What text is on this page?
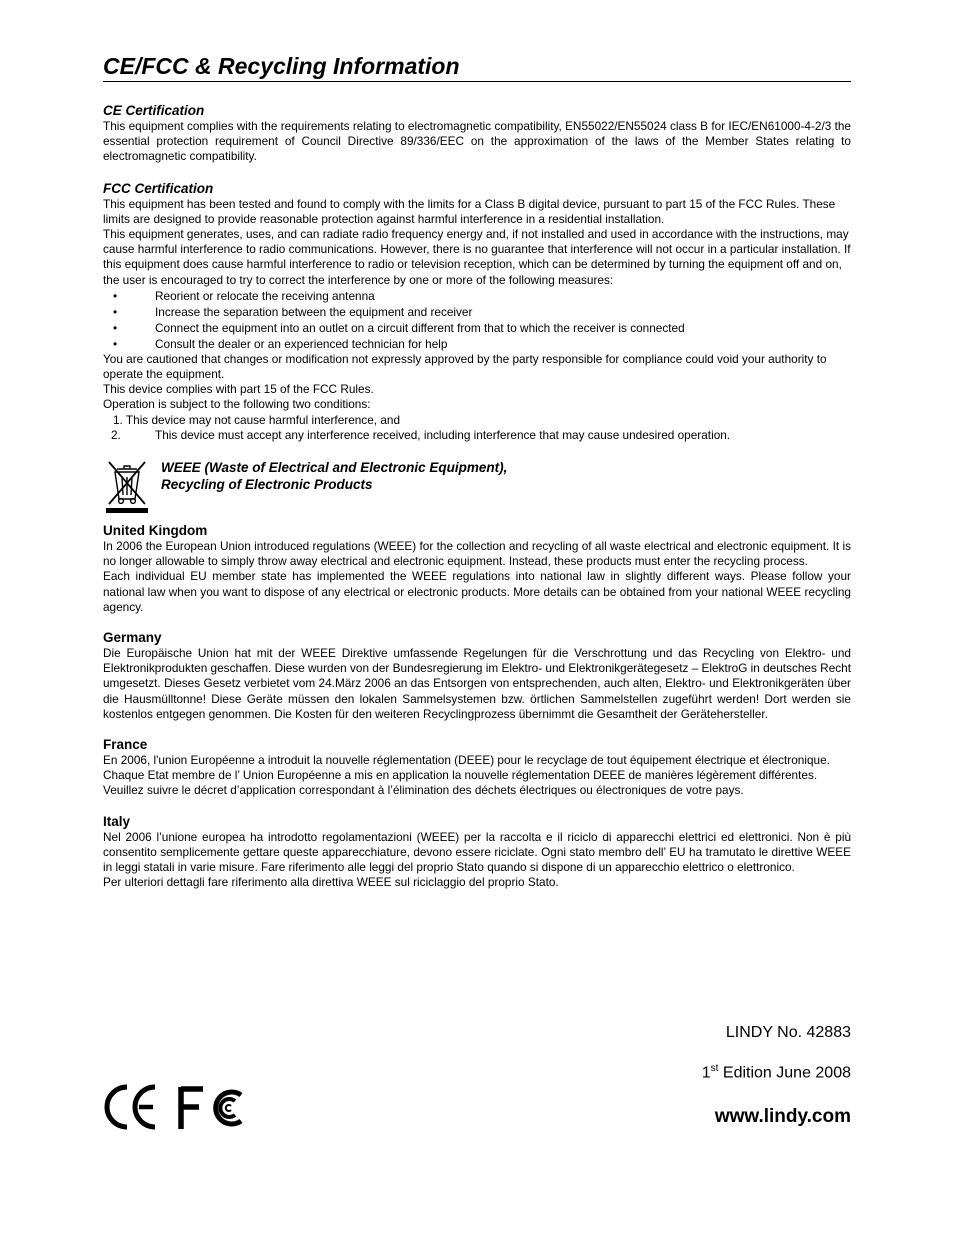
CE/FCC & Recycling Information

CE Certification

This equipment complies with the requirements relating to electromagnetic compatibility, EN55022/EN55024 class B for IEC/EN61000-4-2/3 the essential protection requirement of Council Directive 89/336/EEC on the approximation of the laws of the Member States relating to electromagnetic compatibility.

FCC Certification

This equipment has been tested and found to comply with the limits for a Class B digital device, pursuant to part 15 of the FCC Rules. These limits are designed to provide reasonable protection against harmful interference in a residential installation.

This equipment generates, uses, and can radiate radio frequency energy and, if not installed and used in accordance with the instructions, may cause harmful interference to radio communications. However, there is no guarantee that interference will not occur in a particular installation. If this equipment does cause harmful interference to radio or television reception, which can be determined by turning the equipment off and on, the user is encouraged to try to correct the interference by one or more of the following measures:

•	Reorient or relocate the receiving antenna
•	Increase the separation between the equipment and receiver
•	Connect the equipment into an outlet on a circuit different from that to which the receiver is connected
•	Consult the dealer or an experienced technician for help

You are cautioned that changes or modification not expressly approved by the party responsible for compliance could void your authority to operate the equipment.

This device complies with part 15 of the FCC Rules.

Operation is subject to the following two conditions:

1. This device may not cause harmful interference, and

2.	This device must accept any interference received, including interference that may cause undesired operation.

WEEE (Waste of Electrical and Electronic Equipment),
Recycling of Electronic Products

United Kingdom

In 2006 the European Union introduced regulations (WEEE) for the collection and recycling of all waste electrical and electronic equipment. It is no longer allowable to simply throw away electrical and electronic equipment. Instead, these products must enter the recycling process.

Each individual EU member state has implemented the WEEE regulations into national law in slightly different ways. Please follow your national law when you want to dispose of any electrical or electronic products. More details can be obtained from your national WEEE recycling agency.

Germany

Die Europäische Union hat mit der WEEE Direktive umfassende Regelungen für die Verschrottung und das Recycling von Elektro- und Elektronikprodukten geschaffen. Diese wurden von der Bundesregierung im Elektro- und Elektronikgerätegesetz – ElektroG in deutsches Recht umgesetzt. Dieses Gesetz verbietet vom 24.März 2006 an das Entsorgen von entsprechenden, auch alten, Elektro- und Elektronikgeräten über die Hausmülltonne! Diese Geräte müssen den lokalen Sammelsystemen bzw. örtlichen Sammelstellen zugeführt werden! Dort werden sie kostenlos entgegen genommen. Die Kosten für den weiteren Recyclingprozess übernimmt die Gesamtheit der Gerätehersteller.

France

En 2006, l'union Européenne a introduit la nouvelle réglementation (DEEE) pour le recyclage de tout équipement électrique et électronique.

Chaque Etat membre de l’ Union Européenne a mis en application la nouvelle réglementation DEEE de manières légèrement différentes. Veuillez suivre le décret d’application correspondant à l’élimination des déchets électriques ou électroniques de votre pays.

Italy

Nel 2006 l’unione europea ha introdotto regolamentazioni (WEEE) per la raccolta e il riciclo di apparecchi elettrici ed elettronici. Non è più consentito semplicemente gettare queste apparecchiature, devono essere riciclate. Ogni stato membro dell’ EU ha tramutato le direttive WEEE in leggi statali in varie misure. Fare riferimento alle leggi del proprio Stato quando si dispone di un apparecchio elettrico o elettronico.

Per ulteriori dettagli fare riferimento alla direttiva WEEE sul riciclaggio del proprio Stato.

LINDY No. 42883
1st Edition June 2008
www.lindy.com
